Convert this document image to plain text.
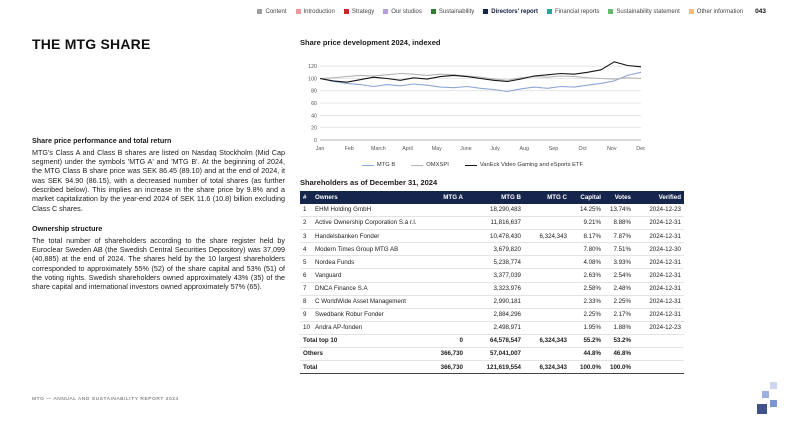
Content	Introduction	Strategy	Our studios	Sustainability	Directors' report	Financial reports	Sustainability statement	Other information 043
THE MTG SHARE
Share price performance and total return

MTG's Class A and Class B shares are listed on Nasdaq Stockholm (Mid Cap segment) under the symbols 'MTG A' and 'MTG B'. At the beginning of 2024, the MTG Class B share price was SEK 86.45 (89.10) and at the end of 2024, it was SEK 94.90 (86.15), with a decreased number of total shares (as further described below). This implies an increase in the share price by 9.8% and a market capitalization by the year-end 2024 of SEK 11.6 (10.8) billion excluding Class C shares.

Ownership structure

The total number of shareholders according to the share register held by Euroclear Sweden AB (the Swedish Central Securities Depository) was 37,099 (40,885) at the end of 2024. The shares held by the 10 largest shareholders corresponded to approximately 55% (52) of the share capital and 53% (51) of the voting rights. Swedish shareholders owned approximately 43% (35) of the share capital and international investors owned approximately 57% (65).

Share price development 2024, indexed
0
20
40
60
80
100
120
Jan	Feb	March	April	May	June	July	Aug	Sep	Oct	Nov	Dec
MTG B	OMXSPI	VanEck Video Gaming and eSports ETF
Shareholders as of December 31, 2024
#	Owners	MTG A	MTG B	MTG C	Capital	Votes	Verified
1	EHM Holding GmbH		18,290,483		14.25%	13.74%	2024-12-23
2	Active Ownership Corporation S.à r.l.		11,816,637		9.21%	8.88%	2024-12-31
3	Handelsbanken Fonder		10,478,430	6,324,343	8.17%	7.87%	2024-12-31
4	Modern Times Group MTG AB		3,679,820		7.80%	7.51%	2024-12-30
5	Nordea Funds		5,238,774		4.08%	3.93%	2024-12-31
6	Vanguard		3,377,039		2.63%	2.54%	2024-12-31
7	DNCA Finance S.A		3,323,976		2.58%	2.48%	2024-12-31
8	C WorldWide Asset Management		2,990,181		2.33%	2.25%	2024-12-31
9	Swedbank Robur Fonder		2,884,296		2.25%	2.17%	2024-12-31
10	Andra AP-fonden		2,498,971		1.95%	1.88%	2024-12-23
Total top 10		0	64,578,547	6,324,343	55.2%	53.2%	
Others		366,730	57,041,007		44.8%	46.8%	
Total		366,730	121,619,554	6,324,343	100.0%	100.0%	
MTG — ANNUAL AND SUSTAINABILITY REPORT 2024
